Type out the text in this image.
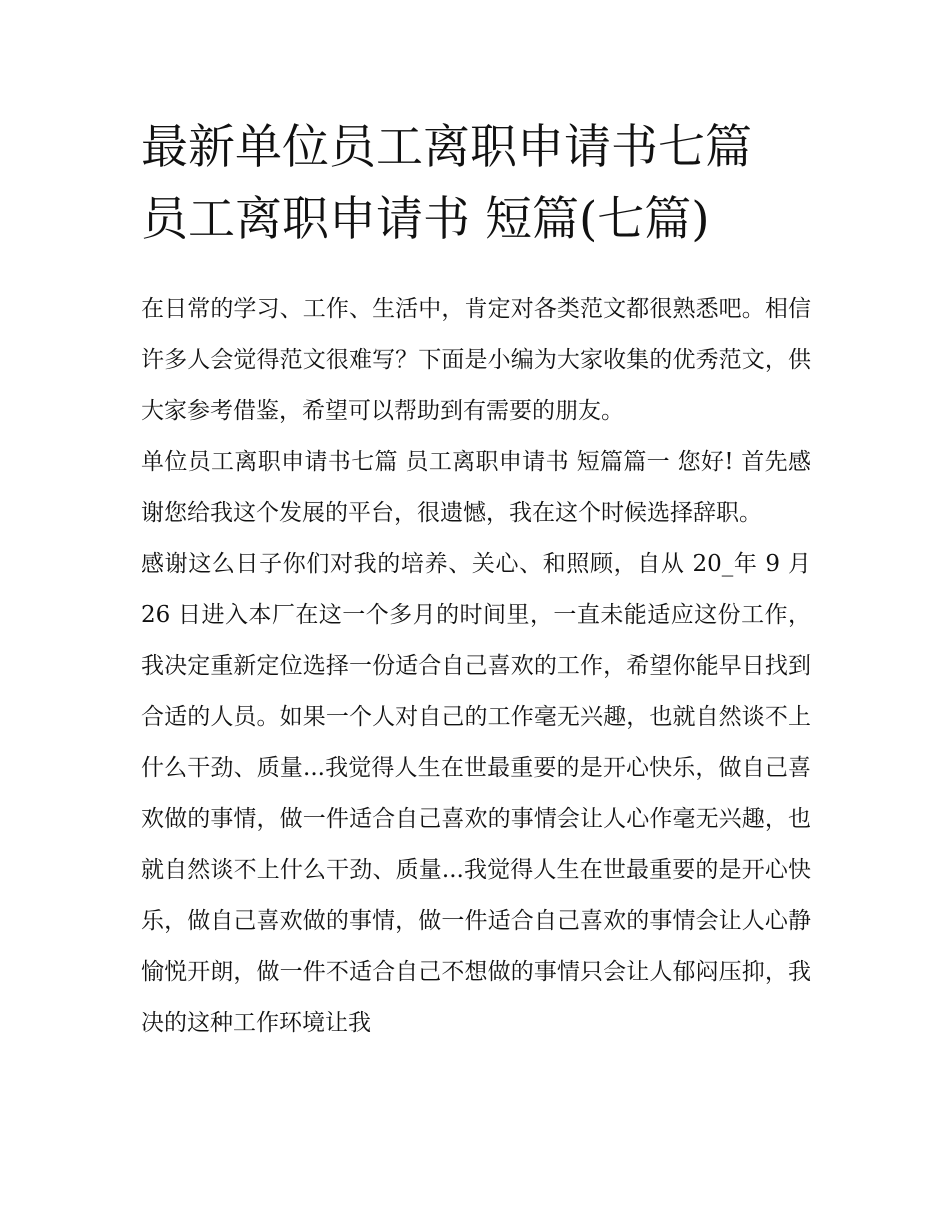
最新单位员工离职申请书七篇
员工离职申请书 短篇(七篇)

在日常的学习、工作、生活中，肯定对各类范文都很熟悉吧。相信许多人会觉得范文很难写？下面是小编为大家收集的优秀范文，供大家参考借鉴，希望可以帮助到有需要的朋友。

单位员工离职申请书七篇 员工离职申请书 短篇篇一 您好! 首先感谢您给我这个发展的平台，很遗憾，我在这个时候选择辞职。

感谢这么日子你们对我的培养、关心、和照顾，自从 20_年 9 月 26 日进入本厂在这一个多月的时间里，一直未能适应这份工作，我决定重新定位选择一份适合自己喜欢的工作，希望你能早日找到合适的人员。如果一个人对自己的工作毫无兴趣，也就自然谈不上什么干劲、质量...我觉得人生在世最重要的是开心快乐，做自己喜欢做的事情，做一件适合自己喜欢的事情会让人心作毫无兴趣，也就自然谈不上什么干劲、质量...我觉得人生在世最重要的是开心快乐，做自己喜欢做的事情，做一件适合自己喜欢的事情会让人心静愉悦开朗，做一件不适合自己不想做的事情只会让人郁闷压抑，我决的这种工作环境让我
